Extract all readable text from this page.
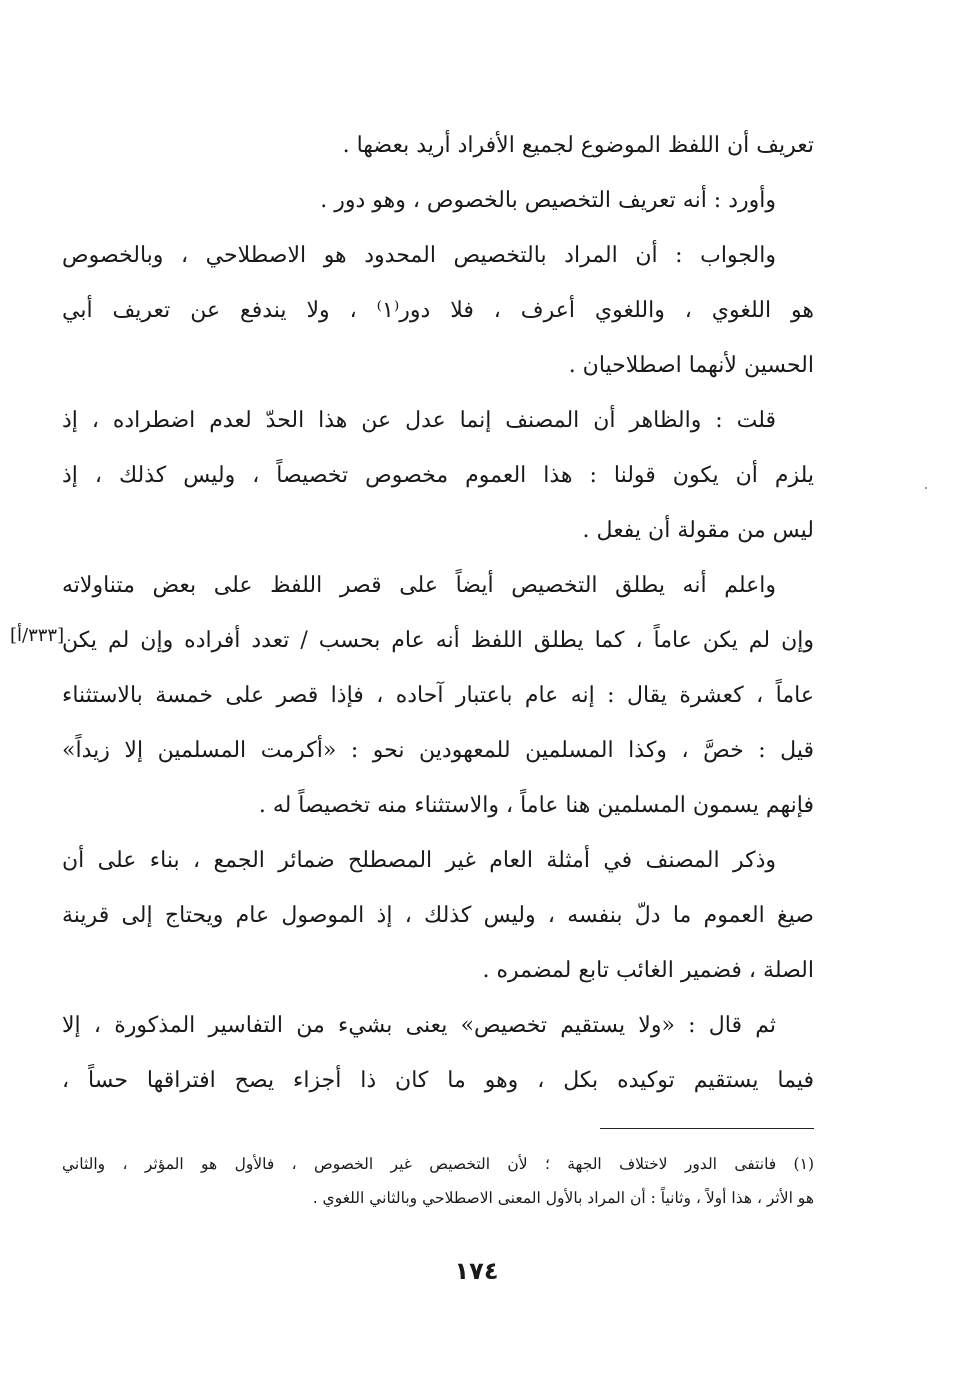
تعريف أن اللفظ الموضوع لجميع الأفراد أريد بعضها .
وأورد : أنه تعريف التخصيص بالخصوص ، وهو دور .
والجواب : أن المراد بالتخصيص المحدود هو الاصطلاحي ، وبالخصوص
هو اللغوي ، واللغوي أعرف ، فلا دور⁽١⁾ ، ولا يندفع عن تعريف أبي
الحسين لأنهما اصطلاحيان .
قلت : والظاهر أن المصنف إنما عدل عن هذا الحدّ لعدم اضطراده ، إذ
يلزم أن يكون قولنا : هذا العموم مخصوص تخصيصاً ، وليس كذلك ، إذ
ليس من مقولة أن يفعل .
واعلم أنه يطلق التخصيص أيضاً على قصر اللفظ على بعض متناولاته
وإن لم يكن عاماً ، كما يطلق اللفظ أنه عام بحسب / تعدد أفراده وإن لم يكن
عاماً ، كعشرة يقال : إنه عام باعتبار آحاده ، فإذا قصر على خمسة بالاستثناء
قيل : خصَّ ، وكذا المسلمين للمعهودين نحو : «أكرمت المسلمين إلا زيداً»
فإنهم يسمون المسلمين هنا عاماً ، والاستثناء منه تخصيصاً له .
وذكر المصنف في أمثلة العام غير المصطلح ضمائر الجمع ، بناء على أن
صيغ العموم ما دلّ بنفسه ، وليس كذلك ، إذ الموصول عام ويحتاج إلى قرينة
الصلة ، فضمير الغائب تابع لمضمره .
ثم قال : «ولا يستقيم تخصيص» يعنى بشيء من التفاسير المذكورة ، إلا
فيما يستقيم توكيده بكل ، وهو ما كان ذا أجزاء يصح افتراقها حساً ،
[٣٣٣/أ]
(١) فانتفى الدور لاختلاف الجهة ؛ لأن التخصيص غير الخصوص ، فالأول هو المؤثر ، والثاني
هو الأثر ، هذا أولاً ، وثانياً : أن المراد بالأول المعنى الاصطلاحي وبالثاني اللغوي .
١٧٤
